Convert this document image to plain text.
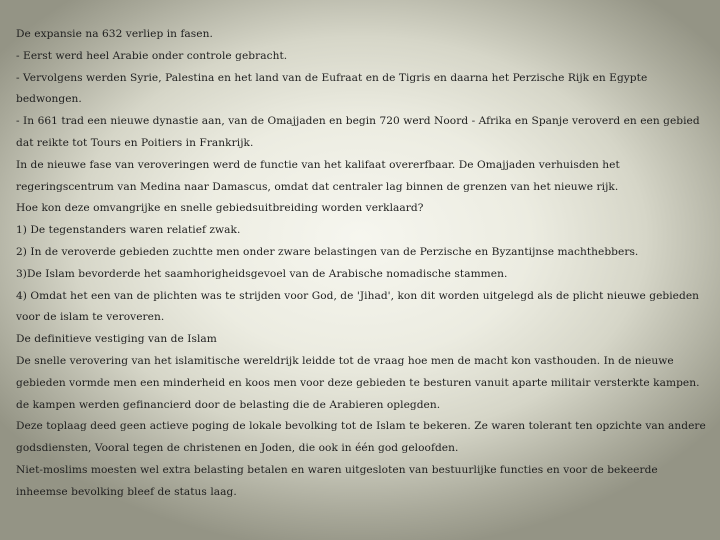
De expansie na 632 verliep in fasen.

- Eerst werd heel Arabie onder controle gebracht.

- Vervolgens werden Syrie, Palestina en het land van de Eufraat en de Tigris en daarna het Perzische Rijk en Egypte bedwongen.

- In 661 trad een nieuwe dynastie aan, van de Omajjaden en begin 720 werd Noord - Afrika en Spanje veroverd en een gebied dat reikte tot Tours en Poitiers in Frankrijk.

In de nieuwe fase van veroveringen werd de functie van het kalifaat overerfbaar. De Omajjaden verhuisden het regeringscentrum van Medina naar Damascus, omdat dat centraler lag binnen de grenzen van het nieuwe rijk.

Hoe kon deze omvangrijke en snelle gebiedsuitbreiding worden verklaard?

1) De tegenstanders waren relatief zwak.

2) In de veroverde gebieden zuchtte men onder zware belastingen van de Perzische en Byzantijnse machthebbers.

3)De Islam bevorderde het saamhorigheidsgevoel van de Arabische nomadische stammen.

4) Omdat het een van de plichten was te strijden voor God, de 'Jihad', kon dit worden uitgelegd als de plicht nieuwe gebieden voor de islam te veroveren.

De definitieve vestiging van de Islam

De snelle verovering van het islamitische wereldrijk leidde tot de vraag hoe men de macht kon vasthouden. In de nieuwe gebieden vormde men een minderheid en koos men voor deze gebieden te besturen vanuit aparte militair versterkte kampen. de kampen werden gefinancierd door de belasting die de Arabieren oplegden.

Deze toplaag deed geen actieve poging de lokale bevolking tot de Islam te bekeren. Ze waren tolerant ten opzichte van andere godsdiensten, Vooral tegen de christenen en Joden, die ook in één god geloofden.

Niet-moslims moesten wel extra belasting betalen en waren uitgesloten van bestuurlijke functies en voor de bekeerde inheemse bevolking bleef de status laag.
